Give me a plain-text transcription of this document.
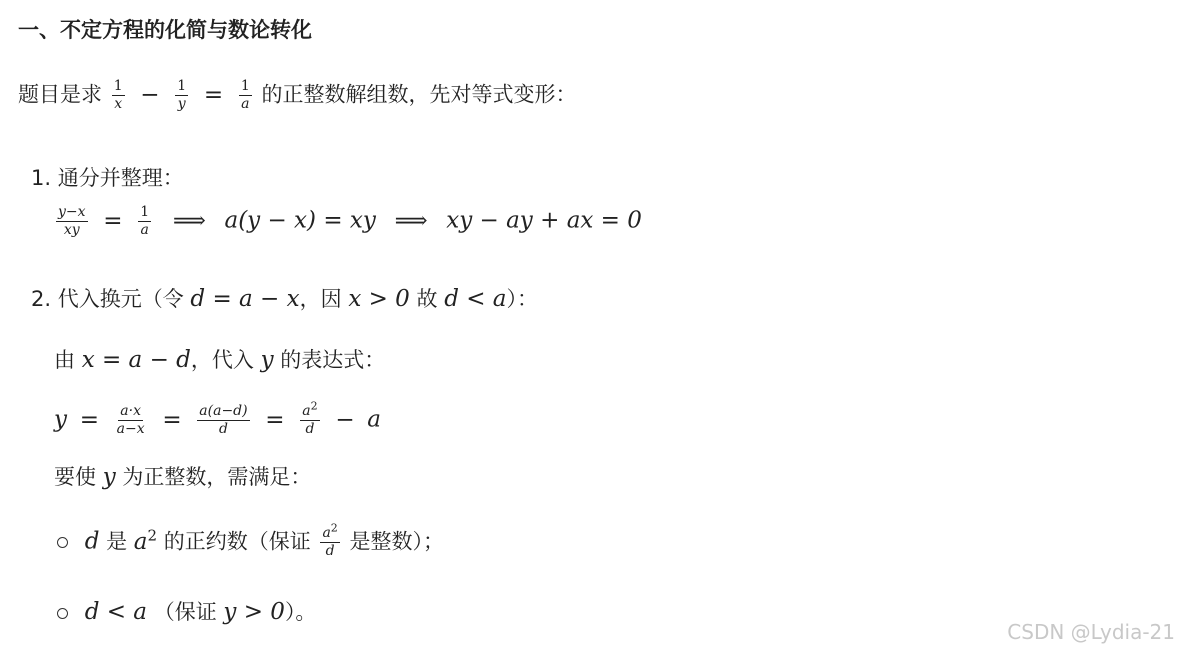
一、不定方程的化简与数论转化
题目是求 $\frac{1}{x} - \frac{1}{y} = \frac{1}{a}$ 的正整数解组数，先对等式变形：
1. 通分并整理：
$\frac{y-x}{xy} = \frac{1}{a}$ ⟹ a(y − x) = xy ⟹ xy − ay + ax = 0
2. 代入换元（令 d = a − x，因 x > 0 故 d < a）：
由 x = a − d，代入 y 的表达式：
$y = \frac{a\cdot x}{a-x} = \frac{a(a-d)}{d} = \frac{a^2}{d} - a$
要使 y 为正整数，需满足：
d 是 $a^2$ 的正约数（保证 $\frac{a^2}{d}$ 是整数）；
d < a （保证 y > 0）。
CSDN @Lydia-21
